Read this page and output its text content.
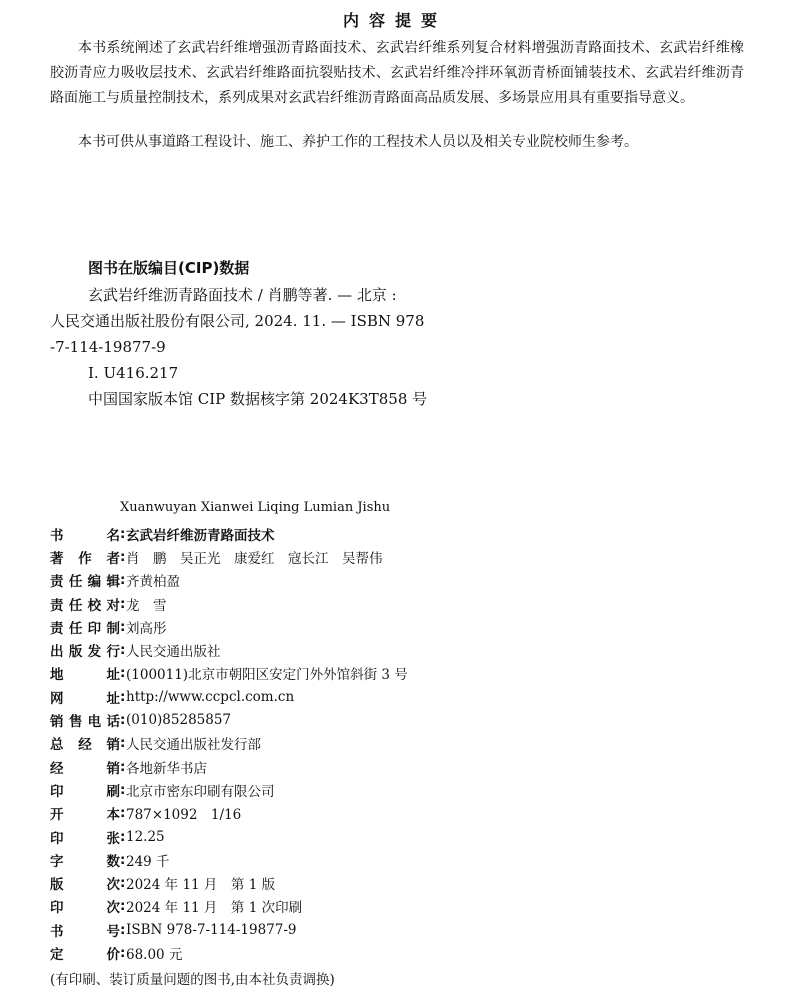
内容提要
本书系统阐述了玄武岩纤维增强沥青路面技术、玄武岩纤维系列复合材料增强沥青路面技术、玄武岩纤维橡胶沥青应力吸收层技术、玄武岩纤维路面抗裂贴技术、玄武岩纤维冷拌环氧沥青桥面铺装技术、玄武岩纤维沥青路面施工与质量控制技术，系列成果对玄武岩纤维沥青路面高品质发展、多场景应用具有重要指导意义。
本书可供从事道路工程设计、施工、养护工作的工程技术人员以及相关专业院校师生参考。
图书在版编目(CIP)数据
玄武岩纤维沥青路面技术 / 肖鹏等著. — 北京 :
人民交通出版社股份有限公司, 2024. 11. — ISBN 978
-7-114-19877-9
Ⅰ. U416.217
中国国家版本馆 CIP 数据核字第 2024K3T858 号
Xuanwuyan Xianwei Liqing Lumian Jishu
书名 : 玄武岩纤维沥青路面技术
著作者 : 肖　鹏　吴正光　康爱红　寇长江　吴帮伟
责任编辑 : 齐黄柏盈
责任校对 : 龙　雪
责任印制 : 刘高彤
出版发行 : 人民交通出版社
地址 : (100011)北京市朝阳区安定门外外馆斜街 3 号
网址 : http://www.ccpcl.com.cn
销售电话 : (010)85285857
总经销 : 人民交通出版社发行部
经销 : 各地新华书店
印刷 : 北京市密东印刷有限公司
开本 : 787×1092　1/16
印张 : 12.25
字数 : 249 千
版次 : 2024 年 11 月　第 1 版
印次 : 2024 年 11 月　第 1 次印刷
书号 : ISBN 978-7-114-19877-9
定价 : 68.00 元
(有印刷、装订质量问题的图书,由本社负责调换)
